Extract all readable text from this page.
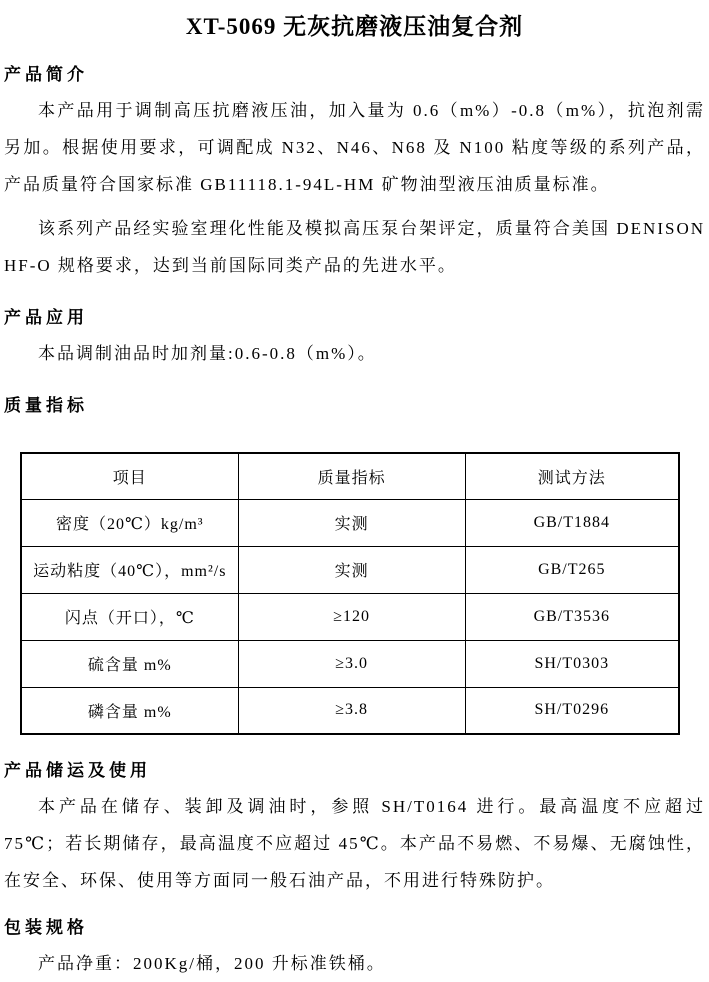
XT-5069 无灰抗磨液压油复合剂
产品简介

本产品用于调制高压抗磨液压油，加入量为 0.6（m%）-0.8（m%），抗泡剂需另加。根据使用要求，可调配成 N32、N46、N68 及 N100 粘度等级的系列产品，产品质量符合国家标准 GB11118.1-94L-HM 矿物油型液压油质量标准。

该系列产品经实验室理化性能及模拟高压泵台架评定，质量符合美国 DENISON HF-O 规格要求，达到当前国际同类产品的先进水平。

产品应用

本品调制油品时加剂量:0.6-0.8（m%）。

质量指标
项目	质量指标	测试方法
密度（20℃）kg/m³	实测	GB/T1884
运动粘度（40℃），mm²/s	实测	GB/T265
闪点（开口），℃	≥120	GB/T3536
硫含量 m%	≥3.0	SH/T0303
磷含量 m%	≥3.8	SH/T0296
产品储运及使用

本产品在储存、装卸及调油时，参照 SH/T0164 进行。最高温度不应超过 75℃；若长期储存，最高温度不应超过 45℃。本产品不易燃、不易爆、无腐蚀性，在安全、环保、使用等方面同一般石油产品，不用进行特殊防护。

包装规格

产品净重：200Kg/桶，200 升标准铁桶。
